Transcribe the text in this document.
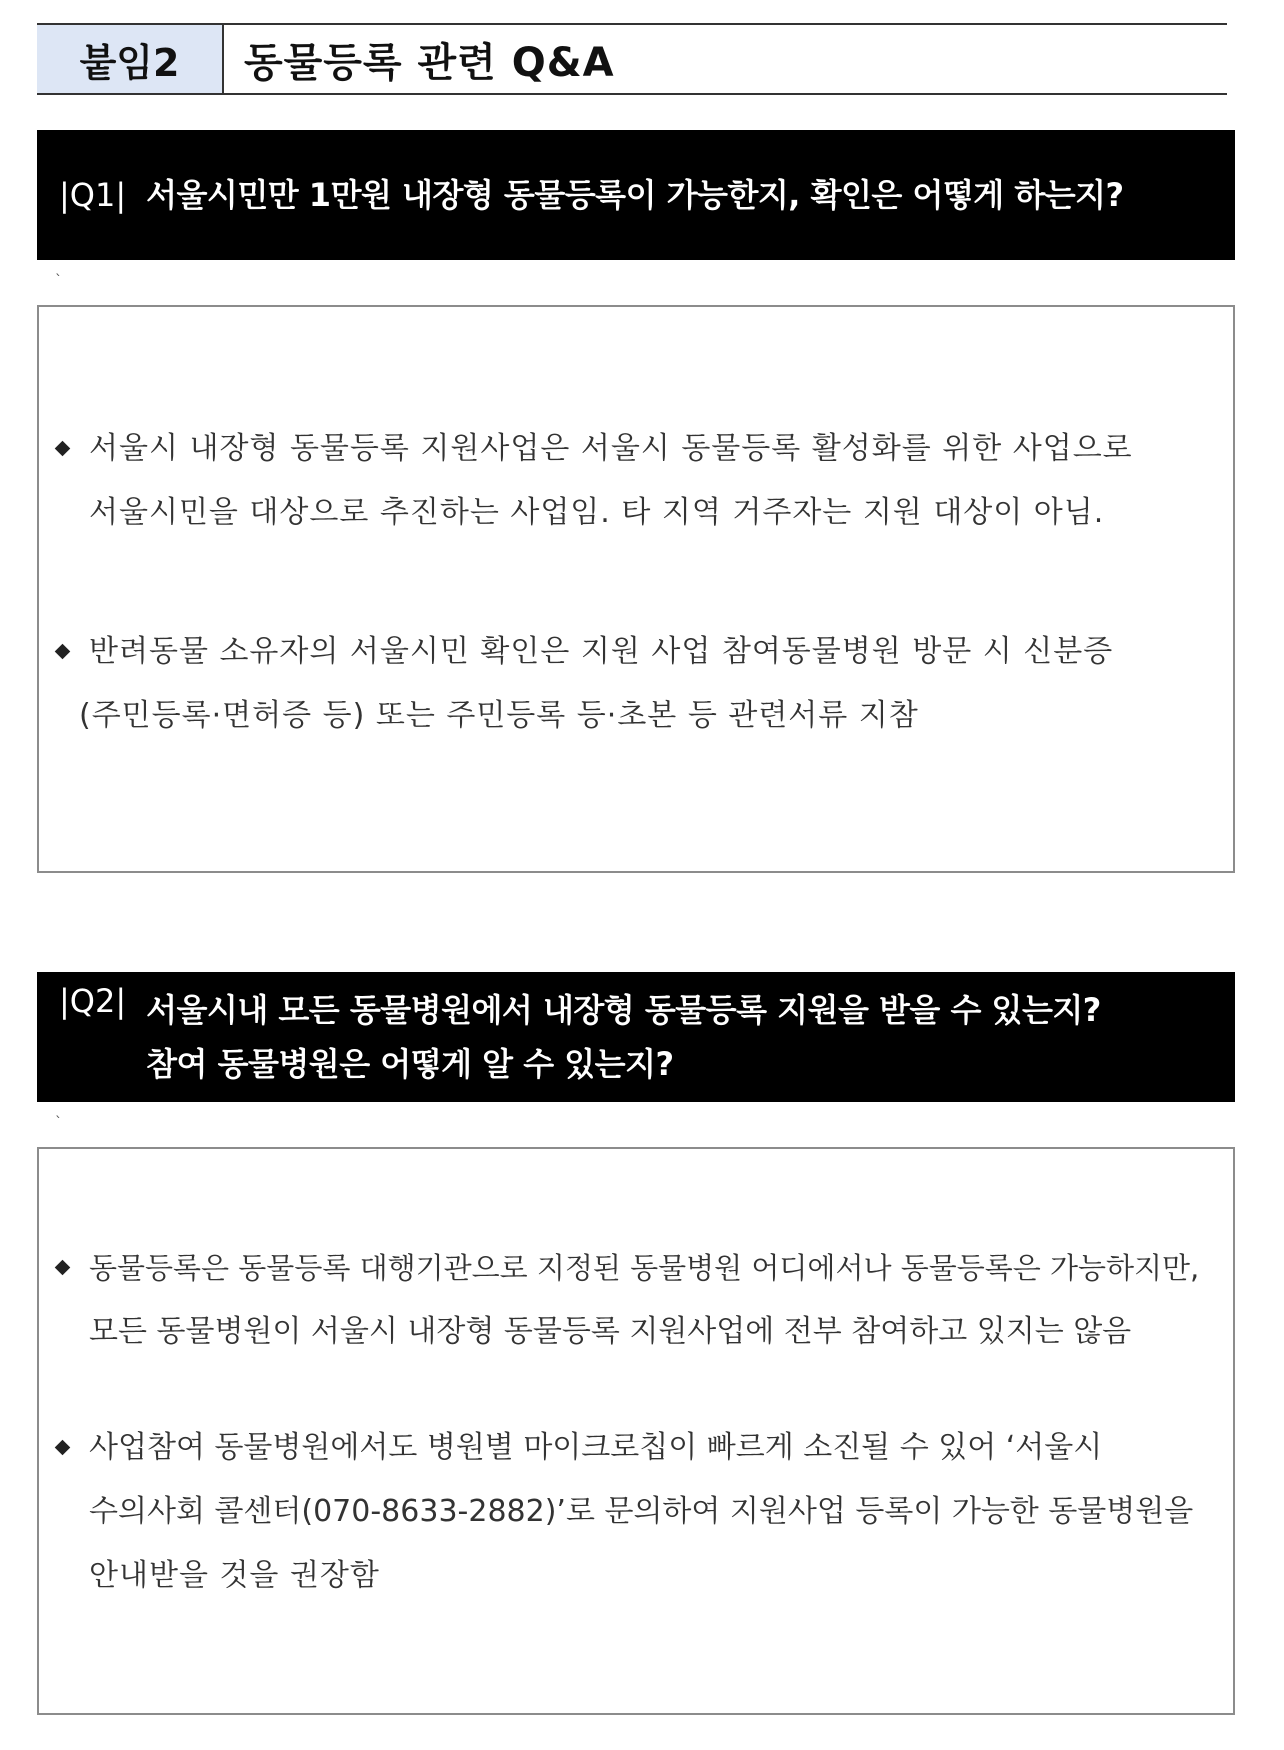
붙임2	동물등록 관련 Q&A
|Q1| 서울시민만 1만원 내장형 동물등록이 가능한지, 확인은 어떻게 하는지?
`
서울시 내장형 동물등록 지원사업은 서울시 동물등록 활성화를 위한 사업으로
서울시민을 대상으로 추진하는 사업임. 타 지역 거주자는 지원 대상이 아님.
반려동물 소유자의 서울시민 확인은 지원 사업 참여동물병원 방문 시 신분증
(주민등록·면허증 등) 또는 주민등록 등·초본 등 관련서류 지참
|Q2| 서울시내 모든 동물병원에서 내장형 동물등록 지원을 받을 수 있는지?
참여 동물병원은 어떻게 알 수 있는지?
`
동물등록은 동물등록 대행기관으로 지정된 동물병원 어디에서나 동물등록은 가능하지만,
모든 동물병원이 서울시 내장형 동물등록 지원사업에 전부 참여하고 있지는 않음
사업참여 동물병원에서도 병원별 마이크로칩이 빠르게 소진될 수 있어 ‘서울시
수의사회 콜센터(070-8633-2882)’로 문의하여 지원사업 등록이 가능한 동물병원을
안내받을 것을 권장함
